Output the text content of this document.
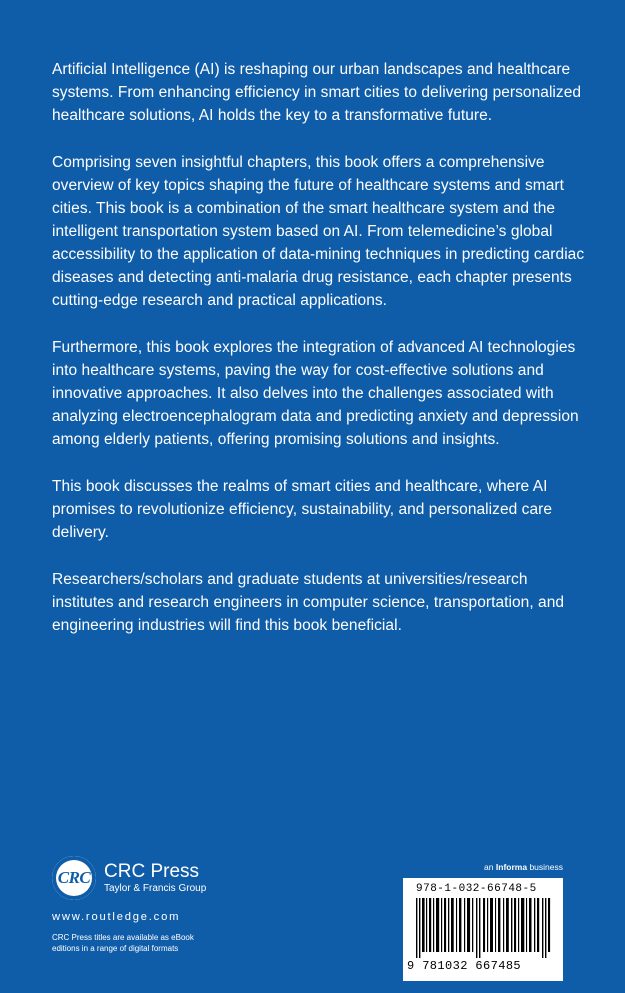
Artificial Intelligence (AI) is reshaping our urban landscapes and healthcare systems. From enhancing efficiency in smart cities to delivering personalized healthcare solutions, AI holds the key to a transformative future.

Comprising seven insightful chapters, this book offers a comprehensive overview of key topics shaping the future of healthcare systems and smart cities. This book is a combination of the smart healthcare system and the intelligent transportation system based on AI. From telemedicine’s global accessibility to the application of data-mining techniques in predicting cardiac diseases and detecting anti-malaria drug resistance, each chapter presents cutting-edge research and practical applications.

Furthermore, this book explores the integration of advanced AI technologies into healthcare systems, paving the way for cost-effective solutions and innovative approaches. It also delves into the challenges associated with analyzing electroencephalogram data and predicting anxiety and depression among elderly patients, offering promising solutions and insights.

This book discusses the realms of smart cities and healthcare, where AI promises to revolutionize efficiency, sustainability, and personalized care delivery.

Researchers/scholars and graduate students at universities/research institutes and research engineers in computer science, transportation, and engineering industries will find this book beneficial.

CRC CRC Press
Taylor & Francis Group
www.routledge.com
CRC Press titles are available as eBook editions in a range of digital formats
an Informa business
978-1-032-66748-5
9 781032 667485
